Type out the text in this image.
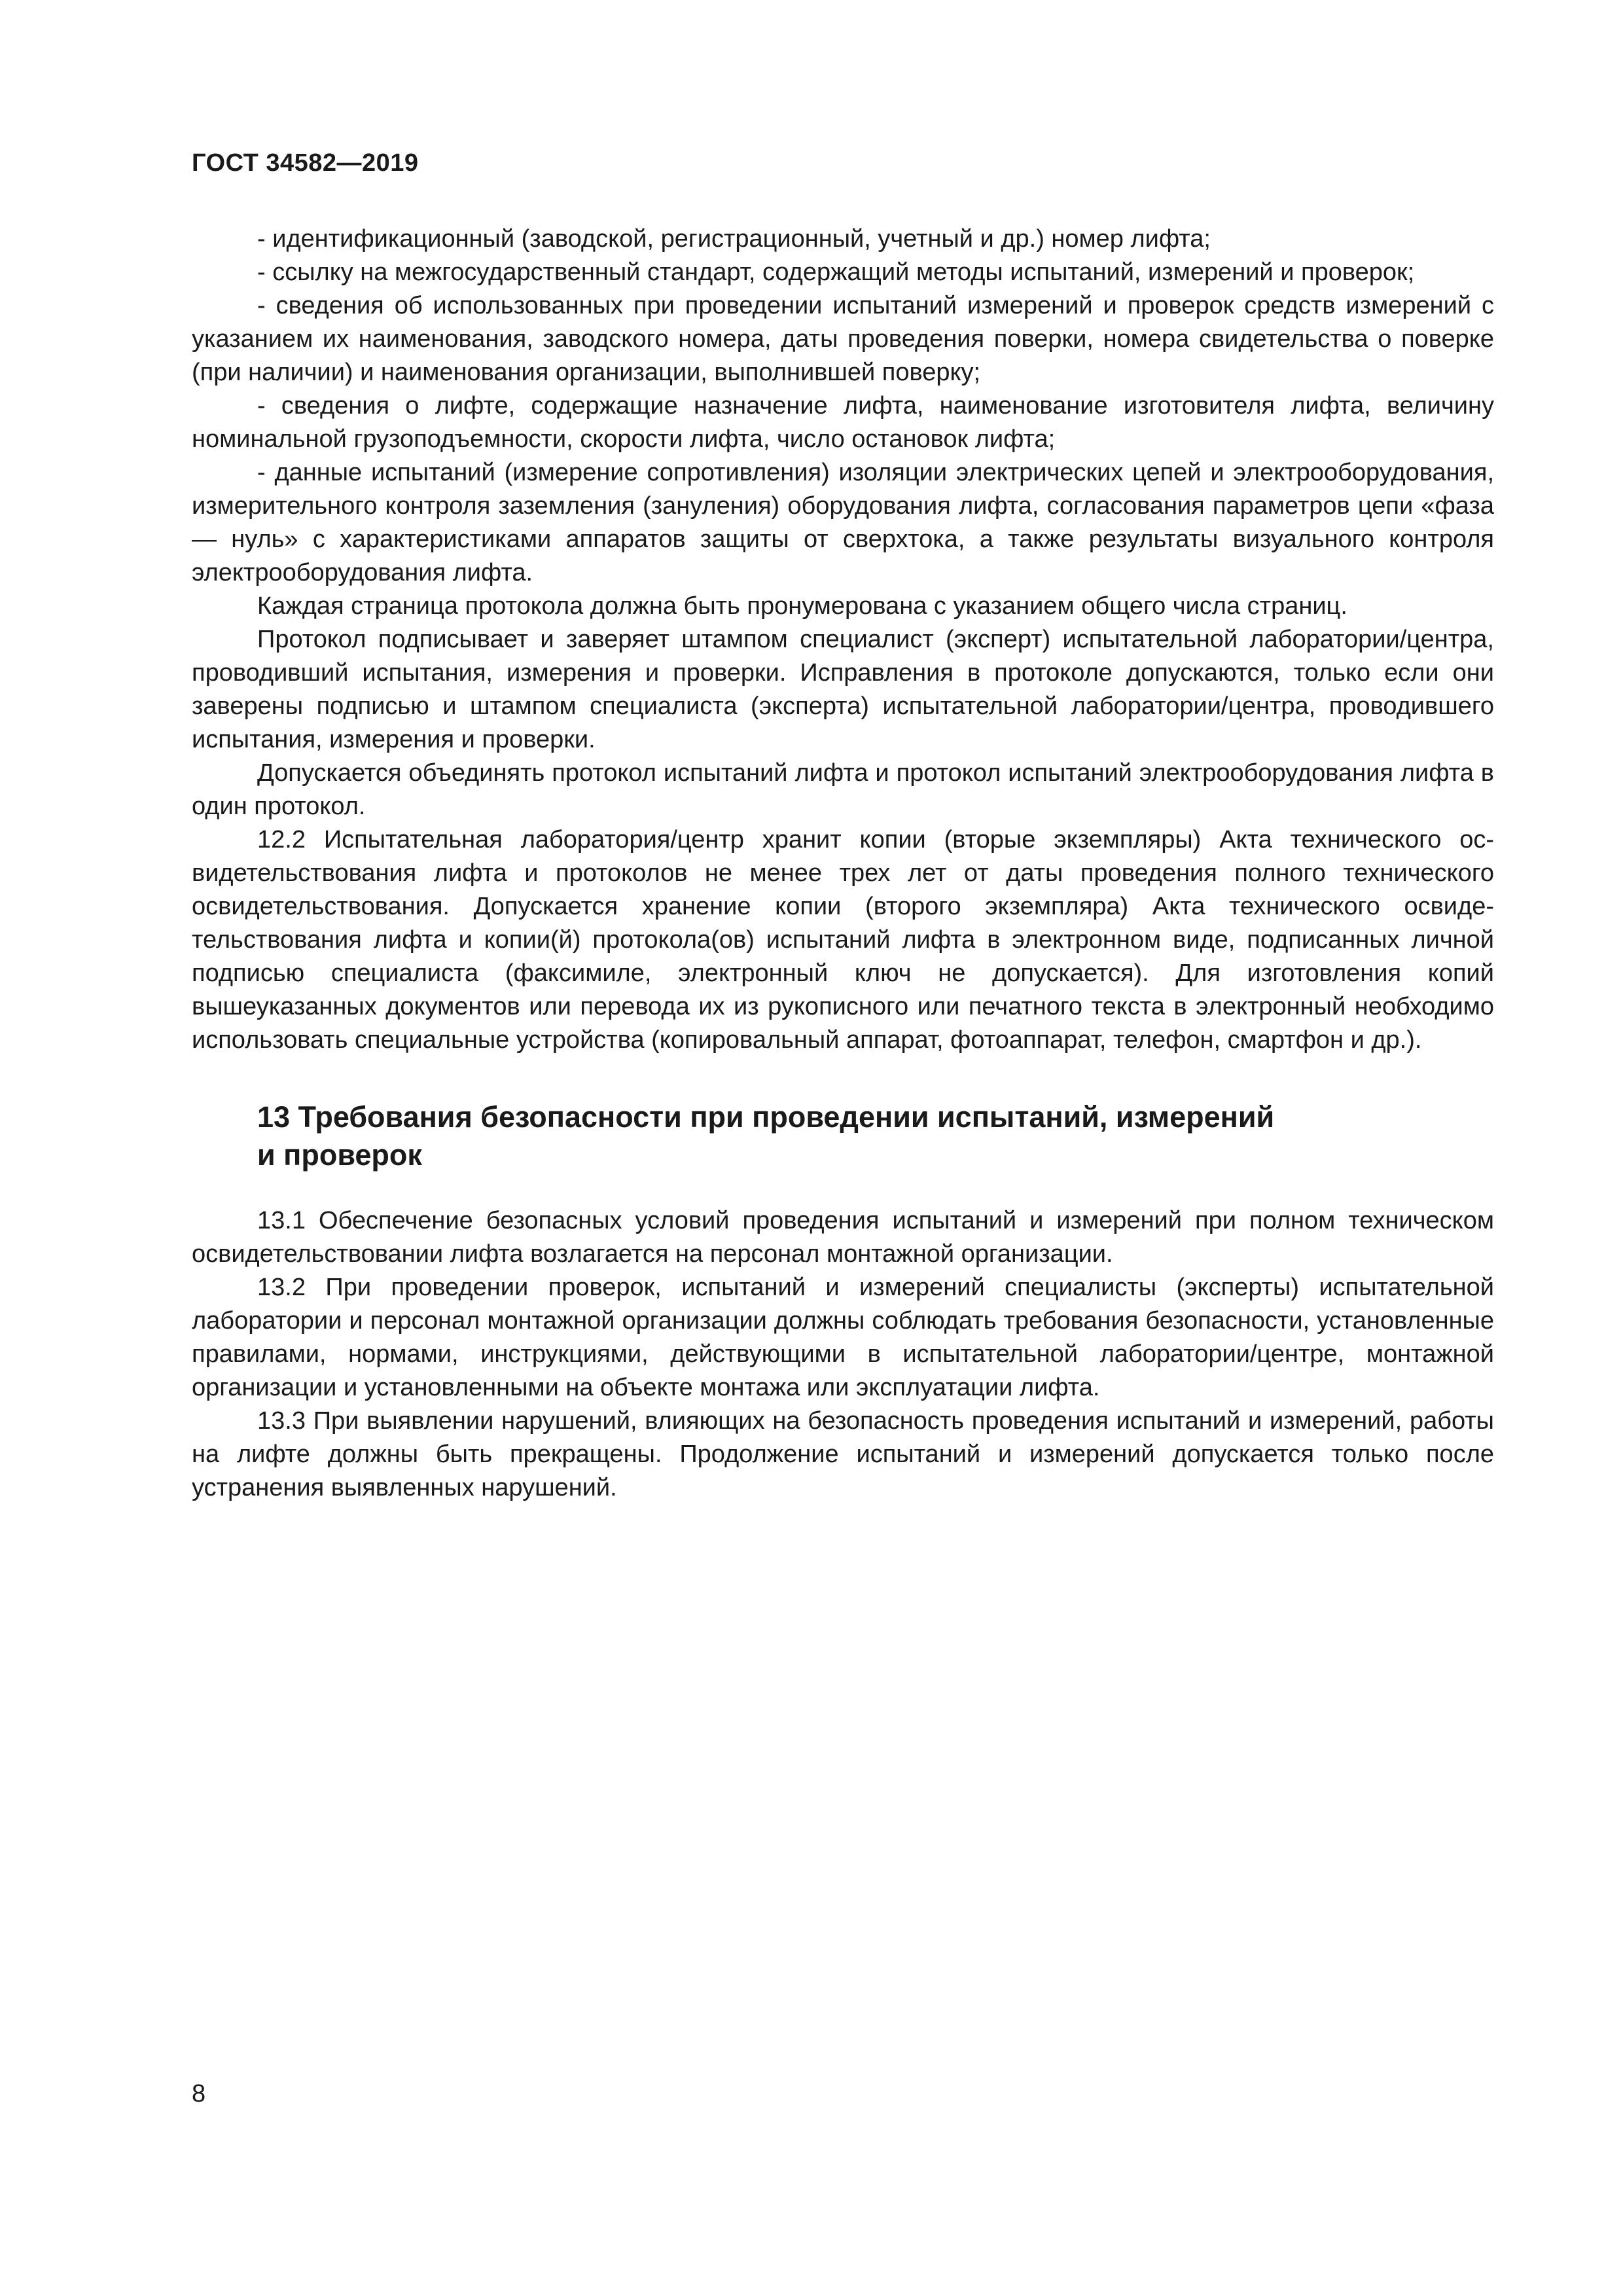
ГОСТ 34582—2019

- идентификационный (заводской, регистрационный, учетный и др.) номер лифта;

- ссылку на межгосударственный стандарт, содержащий методы испытаний, измерений и проверок;

- сведения об использованных при проведении испытаний измерений и проверок средств измерений с указанием их наименования, заводского номера, даты проведения поверки, номера свидетельства о поверке (при наличии) и наименования организации, выполнившей поверку;

- сведения о лифте, содержащие назначение лифта, наименование изготовителя лифта, величину номинальной грузоподъемности, скорости лифта, число остановок лифта;

- данные испытаний (измерение сопротивления) изоляции электрических цепей и электрооборудования, измерительного контроля заземления (зануления) оборудования лифта, согласования параметров цепи «фаза — нуль» с характеристиками аппаратов защиты от сверхтока, а также результаты визуального контроля электрооборудования лифта.

Каждая страница протокола должна быть пронумерована с указанием общего числа страниц.

Протокол подписывает и заверяет штампом специалист (эксперт) испытательной лаборатории/центра, проводивший испытания, измерения и проверки. Исправления в протоколе допускаются, только если они заверены подписью и штампом специалиста (эксперта) испытательной лаборатории/центра, проводившего испытания, измерения и проверки.

Допускается объединять протокол испытаний лифта и протокол испытаний электрооборудования лифта в один протокол.

12.2 Испытательная лаборатория/центр хранит копии (вторые экземпляры) Акта технического освидетельствования лифта и протоколов не менее трех лет от даты проведения полного технического освидетельствования. Допускается хранение копии (второго экземпляра) Акта технического освидетельствования лифта и копии(й) протокола(ов) испытаний лифта в электронном виде, подписанных личной подписью специалиста (факсимиле, электронный ключ не допускается). Для изготовления копий вышеуказанных документов или перевода их из рукописного или печатного текста в электронный необходимо использовать специальные устройства (копировальный аппарат, фотоаппарат, телефон, смартфон и др.).

13 Требования безопасности при проведении испытаний, измерений
и проверок

13.1 Обеспечение безопасных условий проведения испытаний и измерений при полном техническом освидетельствовании лифта возлагается на персонал монтажной организации.

13.2 При проведении проверок, испытаний и измерений специалисты (эксперты) испытательной лаборатории и персонал монтажной организации должны соблюдать требования безопасности, установленные правилами, нормами, инструкциями, действующими в испытательной лаборатории/центре, монтажной организации и установленными на объекте монтажа или эксплуатации лифта.

13.3 При выявлении нарушений, влияющих на безопасность проведения испытаний и измерений, работы на лифте должны быть прекращены. Продолжение испытаний и измерений допускается только после устранения выявленных нарушений.

8
